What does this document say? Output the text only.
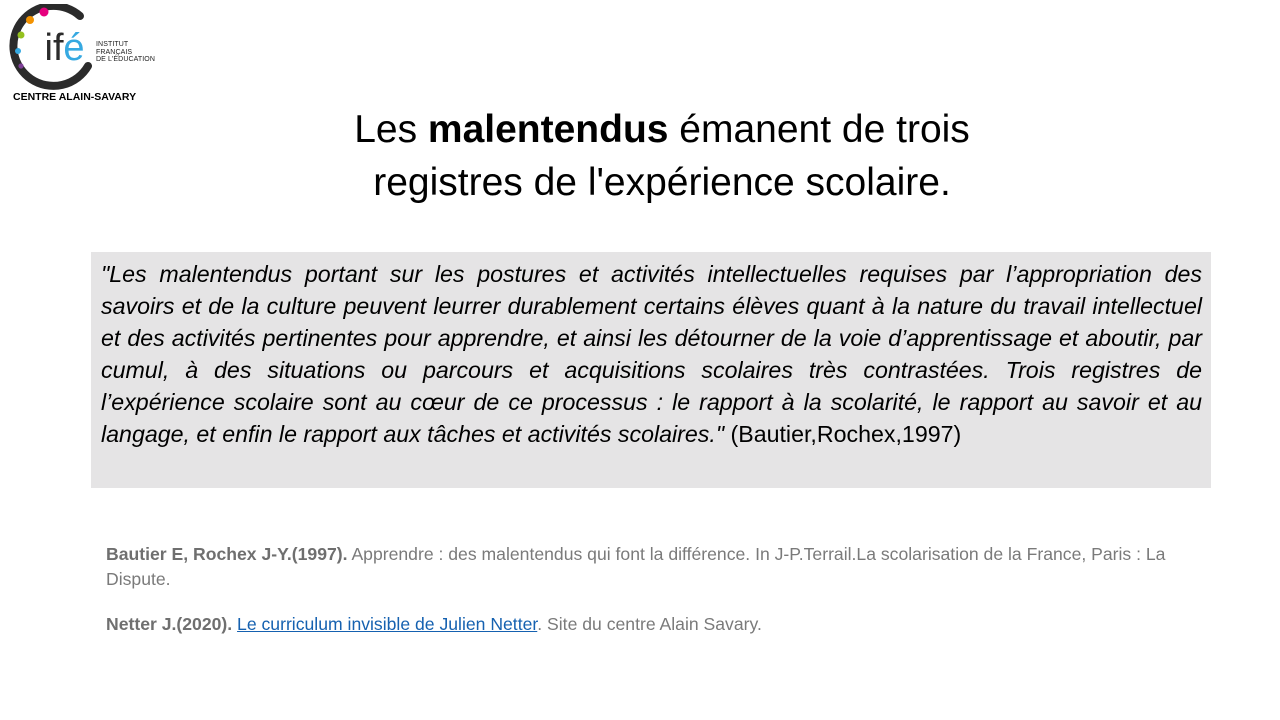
if é INSTITUT
FRANÇAIS
DE L'ÉDUCATION
CENTRE ALAIN-SAVARY
Les malentendus émanent de trois
registres de l'expérience scolaire.
"Les malentendus portant sur les postures et activités intellectuelles requises par l’appropriation des savoirs et de la culture peuvent leurrer durablement certains élèves quant à la nature du travail intellectuel et des activités pertinentes pour apprendre, et ainsi les détourner de la voie d’apprentissage et aboutir, par cumul, à des situations ou parcours et acquisitions scolaires très contrastées. Trois registres de l’expérience scolaire sont au cœur de ce processus : le rapport à la scolarité, le rapport au savoir et au langage, et enfin le rapport aux tâches et activités scolaires." (Bautier,Rochex,1997)
Bautier E, Rochex J-Y.(1997). Apprendre : des malentendus qui font la différence. In J-P.Terrail.La scolarisation de la France, Paris : La Dispute.
Netter J.(2020). Le curriculum invisible de Julien Netter. Site du centre Alain Savary.
